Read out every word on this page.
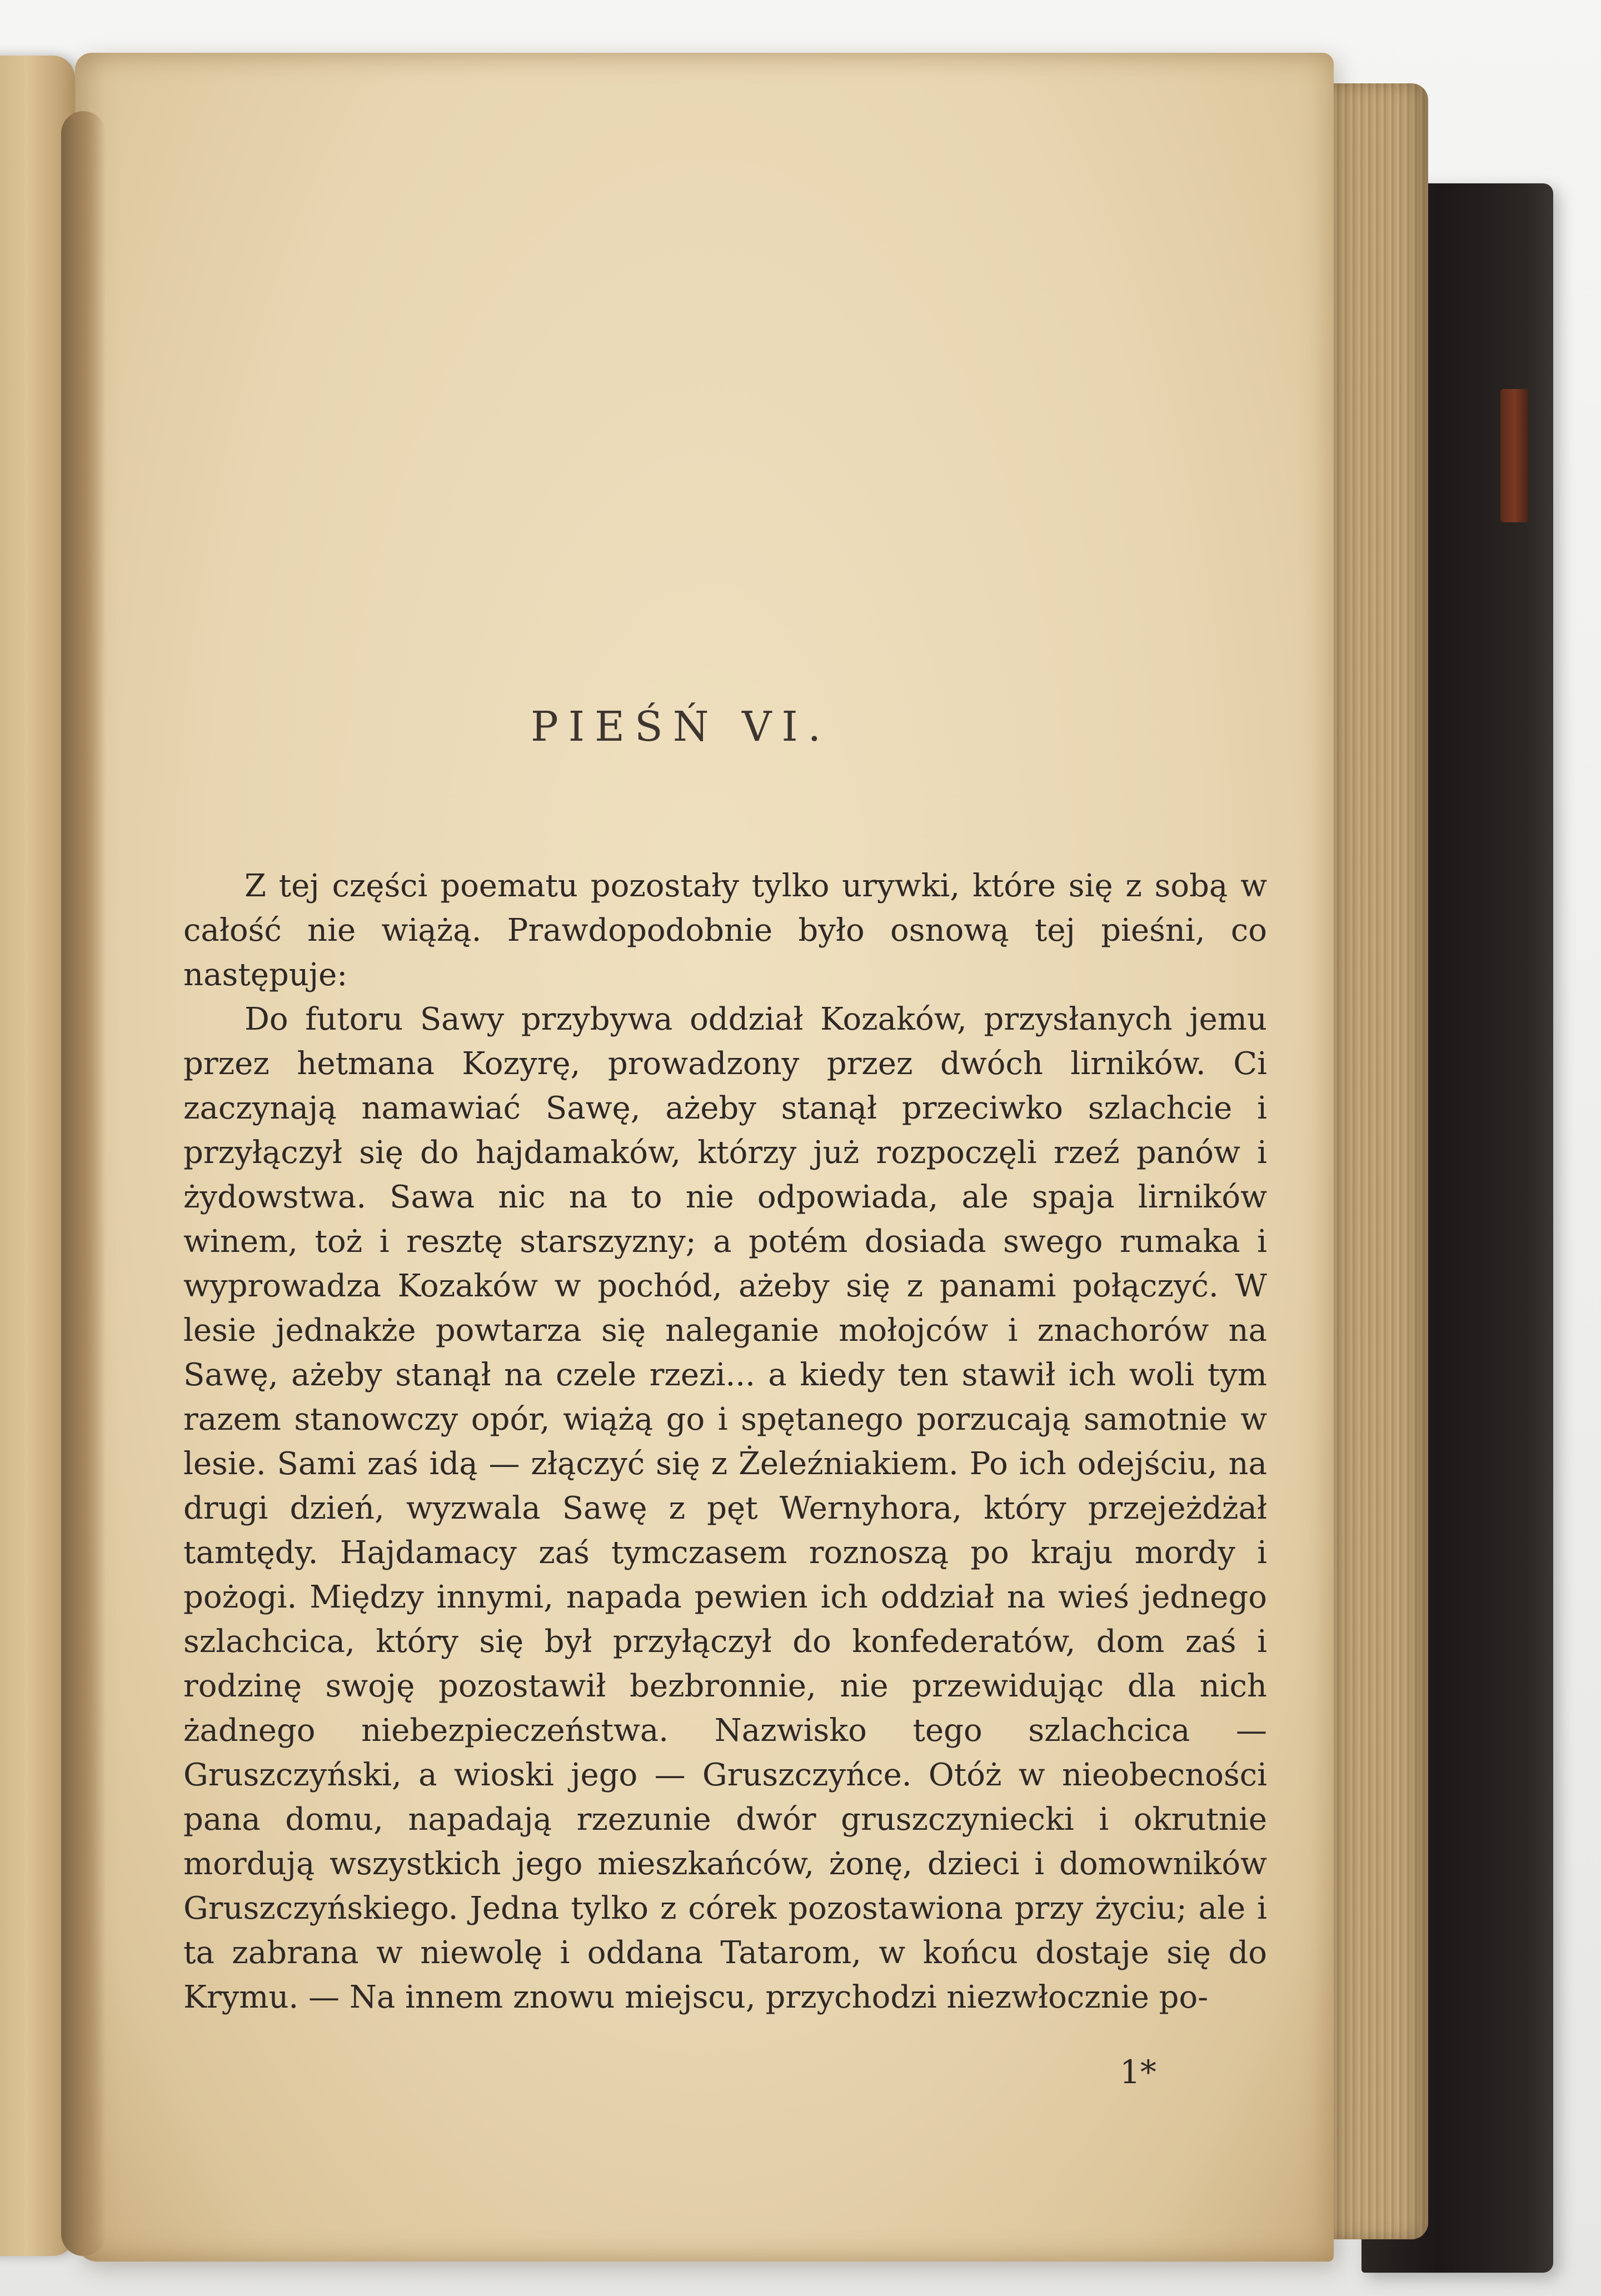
PIEŚŃ VI.

Z tej części poematu pozostały tylko urywki, które się z sobą w całość nie wiążą. Prawdopodobnie było osnową tej pieśni, co następuje:

Do futoru Sawy przybywa oddział Kozaków, przysłanych jemu przez hetmana Kozyrę, prowadzony przez dwóch lirników. Ci zaczynają namawiać Sawę, ażeby stanął przeciwko szlachcie i przyłączył się do hajdamaków, którzy już rozpoczęli rzeź panów i żydowstwa. Sawa nic na to nie odpowiada, ale spaja lirników winem, toż i resztę starszyzny; a potém dosiada swego rumaka i wyprowadza Kozaków w pochód, ażeby się z panami połączyć. W lesie jednakże powtarza się naleganie mołojców i znachorów na Sawę, ażeby stanął na czele rzezi... a kiedy ten stawił ich woli tym razem stanowczy opór, wiążą go i spętanego porzucają samotnie w lesie. Sami zaś idą — złączyć się z Żeleźniakiem. Po ich odejściu, na drugi dzień, wyzwala Sawę z pęt Wernyhora, który przejeżdżał tamtędy. Hajdamacy zaś tymczasem roznoszą po kraju mordy i pożogi. Między innymi, napada pewien ich oddział na wieś jednego szlachcica, który się był przyłączył do konfederatów, dom zaś i rodzinę swoję pozostawił bezbronnie, nie przewidując dla nich żadnego niebezpieczeństwa. Nazwisko tego szlachcica — Gruszczyński, a wioski jego — Gruszczyńce. Otóż w nieobecności pana domu, napadają rzezunie dwór gruszczyniecki i okrutnie mordują wszystkich jego mieszkańców, żonę, dzieci i domowników Gruszczyńskiego. Jedna tylko z córek pozostawiona przy życiu; ale i ta zabrana w niewolę i oddana Tatarom, w końcu dostaje się do Krymu. — Na innem znowu miejscu, przychodzi niezwłocznie po-

1*
